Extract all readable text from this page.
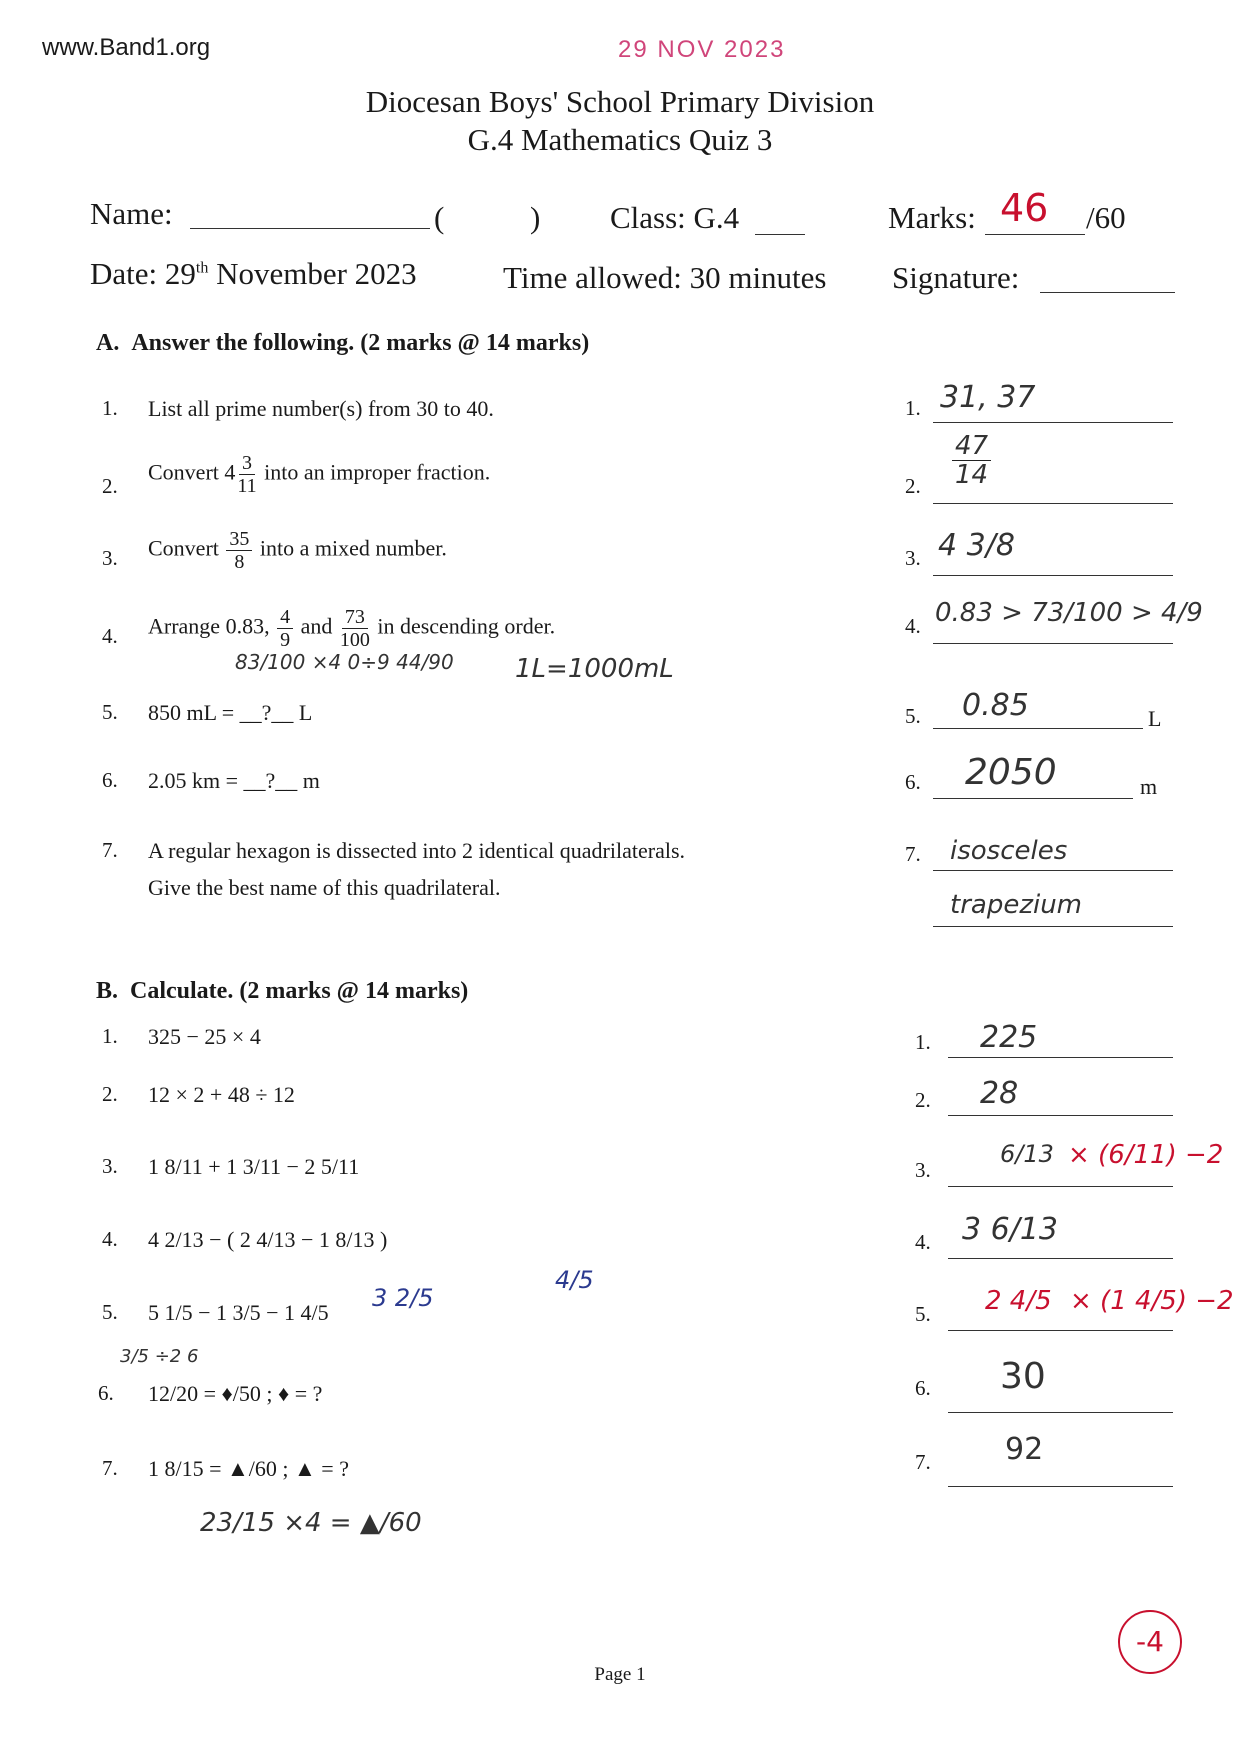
www.Band1.org	29 NOV 2023
Diocesan Boys' School Primary Division
G.4 Mathematics Quiz 3
Name:	(	) Class: G.4	Marks: 46 /60
Date: 29th November 2023	Time allowed: 30 minutes Signature:
A. Answer the following. (2 marks @ 14 marks)
1. List all prime number(s) from 30 to 40.
2.
Convert $4 \frac{3}{11}$ into an improper fraction.
3. Convert $\frac{35}{8}$ into a mixed number.
4. Arrange 0.83, $\frac{4}{9}$ and $\frac{73}{100}$ in descending order.
83/100 ×4 0÷9 44/90 1L=1000mL
5. 850 mL = __?__ L
6. 2.05 km = __?__ m
7. A regular hexagon is dissected into 2 identical quadrilaterals.
Give the best name of this quadrilateral.
1. 31, 37
2. $\frac{47}{14}$
3. 4 3/8
4. 0.83 > 73/100 > 4/9
5. 0.85	L
6. 2050	m
7. isosceles
trapezium
B. Calculate. (2 marks @ 14 marks)
1. 325 − 25 × 4
2. 12 × 2 + 48 ÷ 12
3. 1 8/11 + 1 3/11 − 2 5/11
4. 4 2/13 − ( 2 4/13 − 1 8/13 )
5. 5 1/5 − 1 3/5 − 1 4/5
3 2/5
4/5
6. 12/20 = ♦/50 ; ♦ = ?
3/5 ÷2 6
7. 1 8/15 = ▲/60 ; ▲ = ?
23/15 ×4 = ▲/60
1. 225
2. 28
3.
6/13 × (6/11) −2
4. 3 6/13
5. 2 4/5 × (1 4/5) −2
6. 30
7. 92
-4
Page 1
